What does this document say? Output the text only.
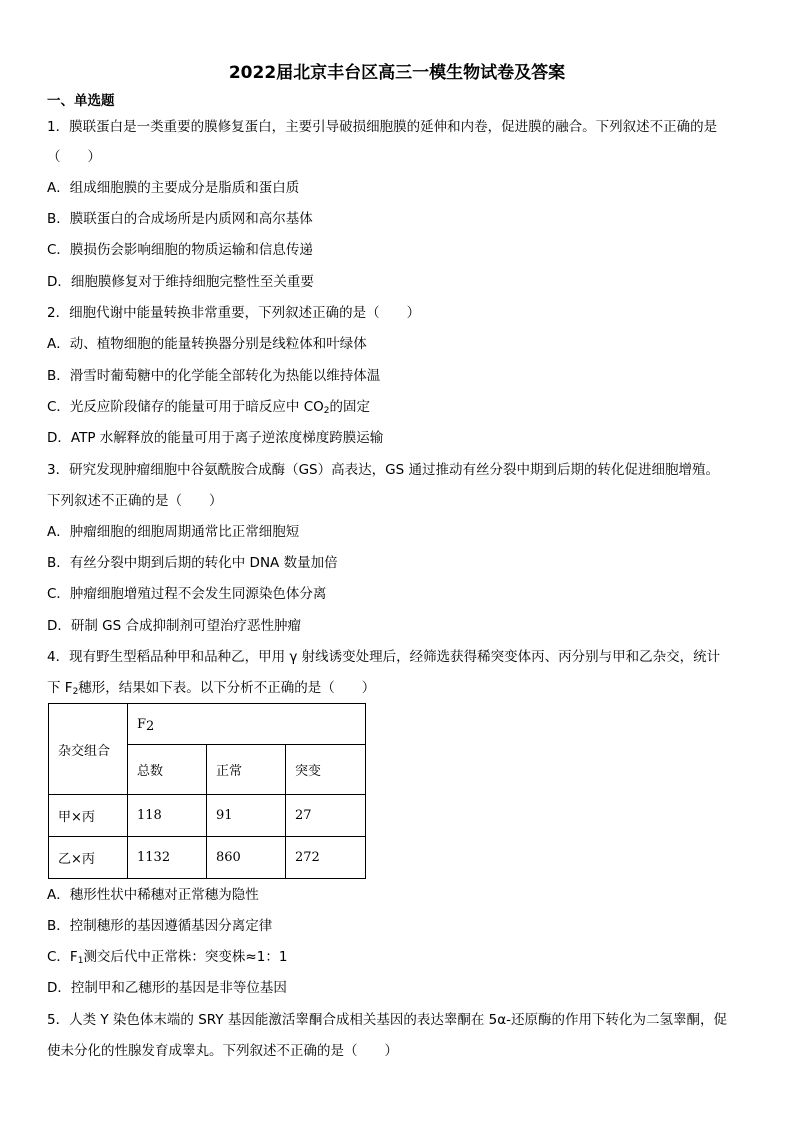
2022届北京丰台区高三一模生物试卷及答案
一、单选题
1．膜联蛋白是一类重要的膜修复蛋白，主要引导破损细胞膜的延伸和内卷，促进膜的融合。下列叙述不正确的是
（　　）
A．组成细胞膜的主要成分是脂质和蛋白质
B．膜联蛋白的合成场所是内质网和高尔基体
C．膜损伤会影响细胞的物质运输和信息传递
D．细胞膜修复对于维持细胞完整性至关重要
2．细胞代谢中能量转换非常重要，下列叙述正确的是（　　）
A．动、植物细胞的能量转换器分别是线粒体和叶绿体
B．滑雪时葡萄糖中的化学能全部转化为热能以维持体温
C．光反应阶段储存的能量可用于暗反应中 $CO_2$的固定
D．ATP 水解释放的能量可用于离子逆浓度梯度跨膜运输
3．研究发现肿瘤细胞中谷氨酰胺合成酶（GS）高表达，GS 通过推动有丝分裂中期到后期的转化促进细胞增殖。
下列叙述不正确的是（　　）
A．肿瘤细胞的细胞周期通常比正常细胞短
B．有丝分裂中期到后期的转化中 DNA 数量加倍
C．肿瘤细胞增殖过程不会发生同源染色体分离
D．研制 GS 合成抑制剂可望治疗恶性肿瘤
4．现有野生型稻品种甲和品种乙，甲用 γ 射线诱变处理后，经筛选获得稀突变体丙、丙分别与甲和乙杂交，统计
下 $F_2$穗形，结果如下表。以下分析不正确的是（　　）
杂交组合	$F_2$
	总数	正常	突变
甲×丙	118	91	27
乙×丙	1132	860	272
A．穗形性状中稀穗对正常穗为隐性
B．控制穗形的基因遵循基因分离定律
C．$F_1$测交后代中正常株：突变株≈1：1
D．控制甲和乙穗形的基因是非等位基因
5．人类 Y 染色体末端的 SRY 基因能激活睾酮合成相关基因的表达睾酮在 5α-还原酶的作用下转化为二氢睾酮，促
使未分化的性腺发育成睾丸。下列叙述不正确的是（　　）
